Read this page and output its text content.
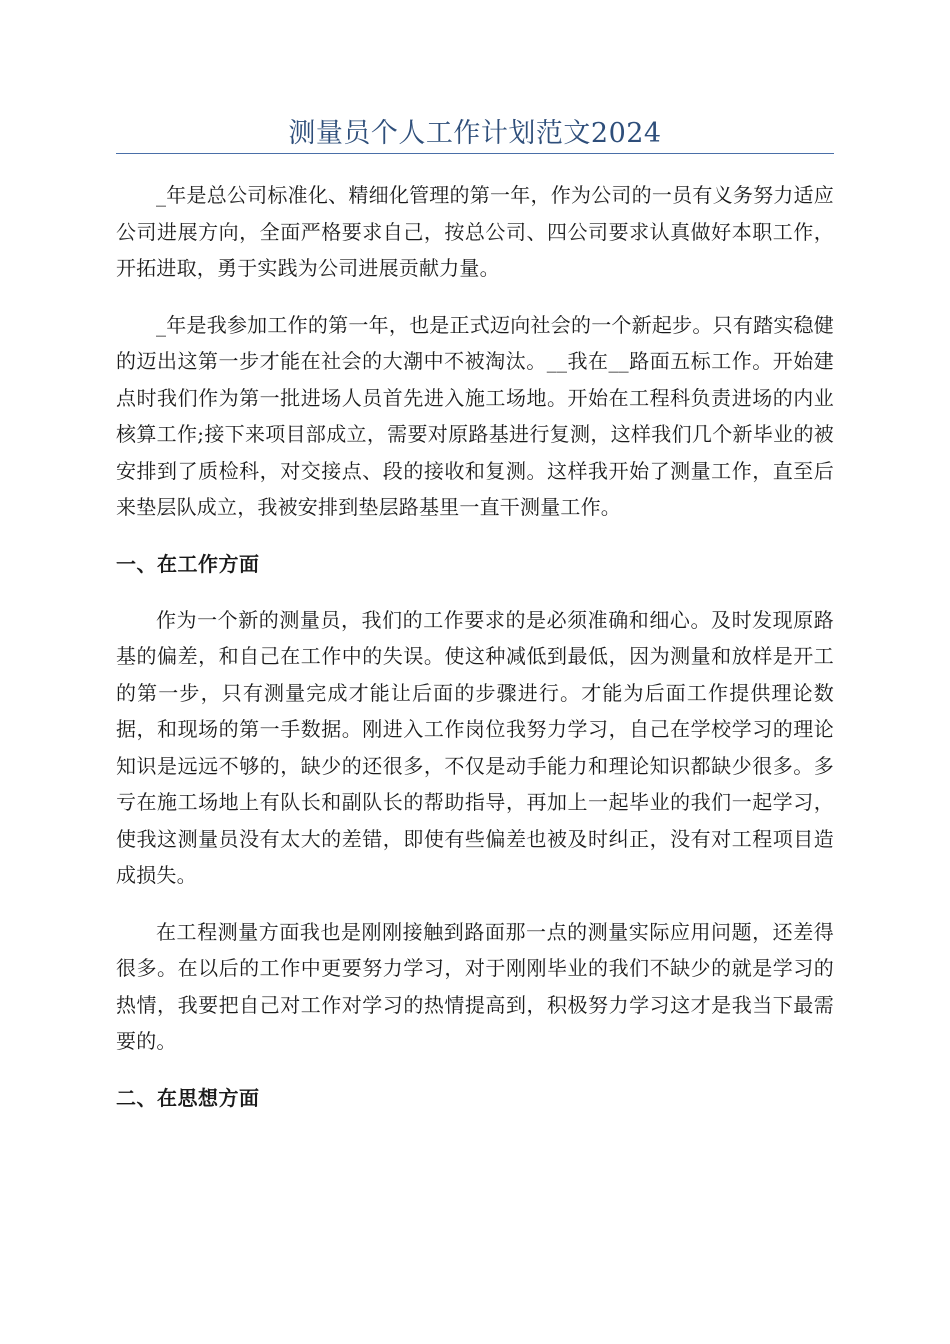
测量员个人工作计划范文2024

_年是总公司标准化、精细化管理的第一年，作为公司的一员有义务努力适应公司进展方向，全面严格要求自己，按总公司、四公司要求认真做好本职工作，开拓进取，勇于实践为公司进展贡献力量。

_年是我参加工作的第一年，也是正式迈向社会的一个新起步。只有踏实稳健的迈出这第一步才能在社会的大潮中不被淘汰。__我在__路面五标工作。开始建点时我们作为第一批进场人员首先进入施工场地。开始在工程科负责进场的内业核算工作;接下来项目部成立，需要对原路基进行复测，这样我们几个新毕业的被安排到了质检科，对交接点、段的接收和复测。这样我开始了测量工作，直至后来垫层队成立，我被安排到垫层路基里一直干测量工作。

一、在工作方面

作为一个新的测量员，我们的工作要求的是必须准确和细心。及时发现原路基的偏差，和自己在工作中的失误。使这种减低到最低，因为测量和放样是开工的第一步，只有测量完成才能让后面的步骤进行。才能为后面工作提供理论数据，和现场的第一手数据。刚进入工作岗位我努力学习，自己在学校学习的理论知识是远远不够的，缺少的还很多，不仅是动手能力和理论知识都缺少很多。多亏在施工场地上有队长和副队长的帮助指导，再加上一起毕业的我们一起学习，使我这测量员没有太大的差错，即使有些偏差也被及时纠正，没有对工程项目造成损失。

在工程测量方面我也是刚刚接触到路面那一点的测量实际应用问题，还差得很多。在以后的工作中更要努力学习，对于刚刚毕业的我们不缺少的就是学习的热情，我要把自己对工作对学习的热情提高到，积极努力学习这才是我当下最需要的。

二、在思想方面
